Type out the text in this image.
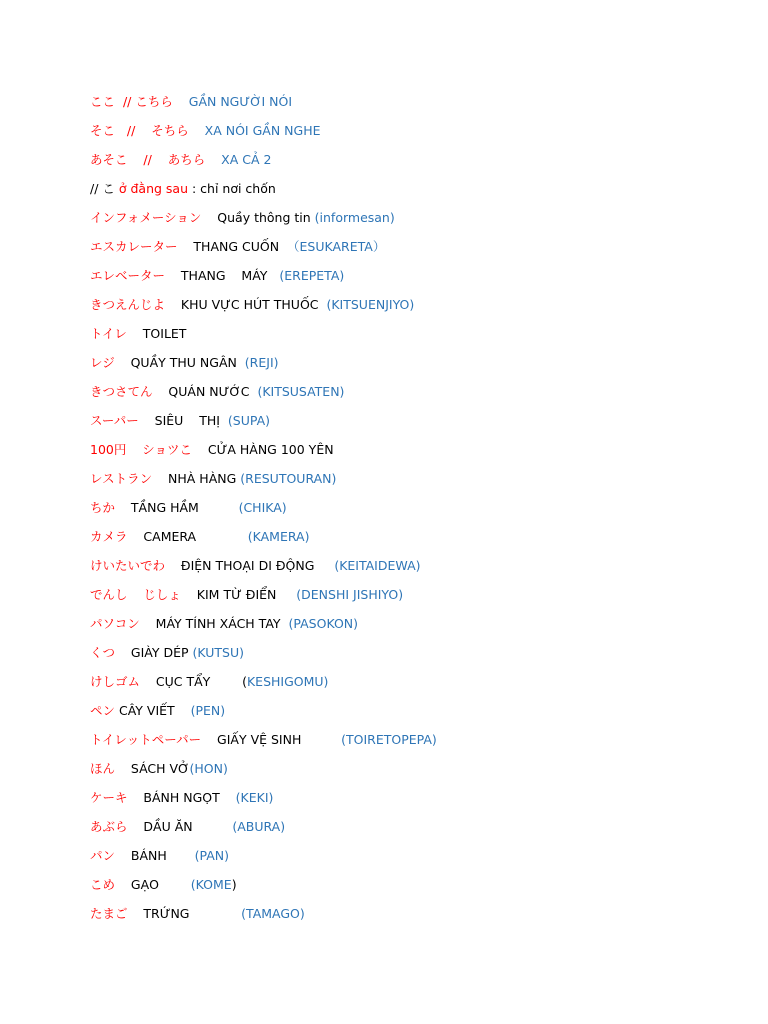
ここ  // こちら    GẦN NGƯỜI NÓI
そこ   //    そちら    XA NÓI GẦN NGHE
あそこ    //    あちら    XA CẢ 2
// こ ở đằng sau : chỉ nơi chốn
インフォメーション    Quầy thông tin (informesan)
エスカレーター    THANG CUỐN  （ESUKARETA）
エレベーター    THANG    MÁY   (EREPETA)
きつえんじよ    KHU VỰC HÚT THUỐC  (KITSUENJIYO)
トイレ    TOILET
レジ    QUẦY THU NGÂN  (REJI)
きつさてん    QUÁN NƯỚC  (KITSUSATEN)
スーパー    SIÊU    THỊ  (SUPA)
100円    ショツこ    CỬA HÀNG 100 YÊN
レストラン    NHÀ HÀNG (RESUTOURAN)
ちか    TẦNG HẦM          (CHIKA)
カメラ    CAMERA             (KAMERA)
けいたいでわ    ĐIỆN THOẠI DI ĐỘNG     (KEITAIDEWA)
でんし    じしょ    KIM TỪ ĐIỂN     (DENSHI JISHIYO)
パソコン    MÁY TÍNH XÁCH TAY  (PASOKON)
くつ    GIÀY DÉP (KUTSU)
けしゴム    CỤC TẨY        (KESHIGOMU)
ペン CÂY VIẾT    (PEN)
トイレットペーパー    GIẤY VỆ SINH          (TOIRETOPEPA)
ほん    SÁCH VỞ(HON)
ケーキ    BÁNH NGỌT    (KEKI)
あぶら    DẦU ĂN          (ABURA)
パン    BÁNH       (PAN)
こめ    GẠO        (KOME)
たまご    TRỨNG             (TAMAGO)
